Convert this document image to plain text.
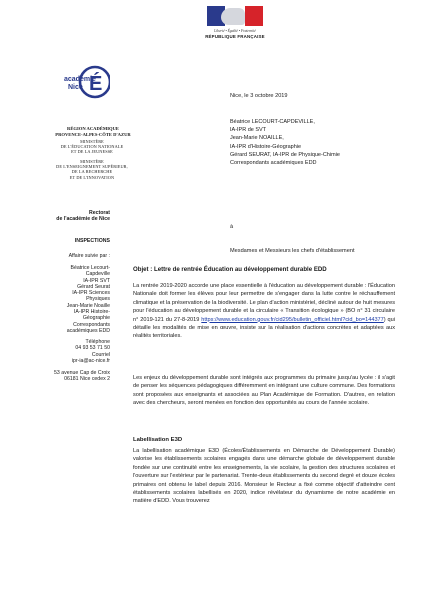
Liberté • Égalité • Fraternité
RÉPUBLIQUE FRANÇAISE
É
académie
Nice
RÉGION ACADÉMIQUE
PROVENCE-ALPES-CÔTE D'AZUR
MINISTÈRE
DE L'ÉDUCATION NATIONALE
ET DE LA JEUNESSE
MINISTÈRE
DE L'ENSEIGNEMENT SUPÉRIEUR,
DE LA RECHERCHE
ET DE L'INNOVATION
Rectorat
de l'académie de Nice
INSPECTIONS
Affaire suivie par :
Béatrice Lecourt-
Capdeville
IA-IPR SVT
Gérard Seurat
IA-IPR Sciences
Physiques
Jean-Marie Noaille
IA-IPR Histoire-
Géographie
Correspondants
académiques EDD
Téléphone
04 93 53 71 50
Courriel
ipr-ia@ac-nice.fr
53 avenue Cap de Croix
06181 Nice cedex 2
Nice, le 3 octobre 2019
Béatrice LECOURT-CAPDEVILLE,
IA-IPR de SVT
Jean-Marie NOAILLE,
IA-IPR d'Histoire-Géographie
Gérard SEURAT, IA-IPR de Physique-Chimie
Correspondants académiques EDD
à
Mesdames et Messieurs les chefs d'établissement
Objet : Lettre de rentrée Éducation au développement durable EDD

La rentrée 2019-2020 accorde une place essentielle à l'éducation au développement durable : l'Éducation Nationale doit former les élèves pour leur permettre de s'engager dans la lutte contre le réchauffement climatique et la préservation de la biodiversité. Le plan d'action ministériel, décliné autour de huit mesures pour l'éducation au développement durable et la circulaire « Transition écologique » (BO n° 31 circulaire n° 2019-121 du 27-8-2019 https://www.education.gouv.fr/cid295/bulletin_officiel.html?cid_bo=144377) qui détaille les modalités de mise en œuvre, insiste sur la réalisation d'actions concrètes et adaptées aux réalités territoriales.

Les enjeux du développement durable sont intégrés aux programmes du primaire jusqu'au lycée : il s'agit de penser les séquences pédagogiques différemment en intégrant une culture commune. Des formations sont proposées aux enseignants et associées au Plan Académique de Formation. D'autres, en relation avec des chercheurs, seront menées en fonction des opportunités au cours de l'année scolaire.

Labellisation E3D

La labellisation académique E3D (Écoles/Établissements en Démarche de Développement Durable) valorise les établissements scolaires engagés dans une démarche globale de développement durable fondée sur une continuité entre les enseignements, la vie scolaire, la gestion des structures scolaires et l'ouverture sur l'extérieur par le partenariat. Trente-deux établissements du second degré et douze écoles primaires ont obtenu le label depuis 2016. Monsieur le Recteur a fixé comme objectif d'atteindre cent établissements scolaires labellisés en 2020, indice révélateur du dynamisme de notre académie en matière d'EDD. Vous trouverez
